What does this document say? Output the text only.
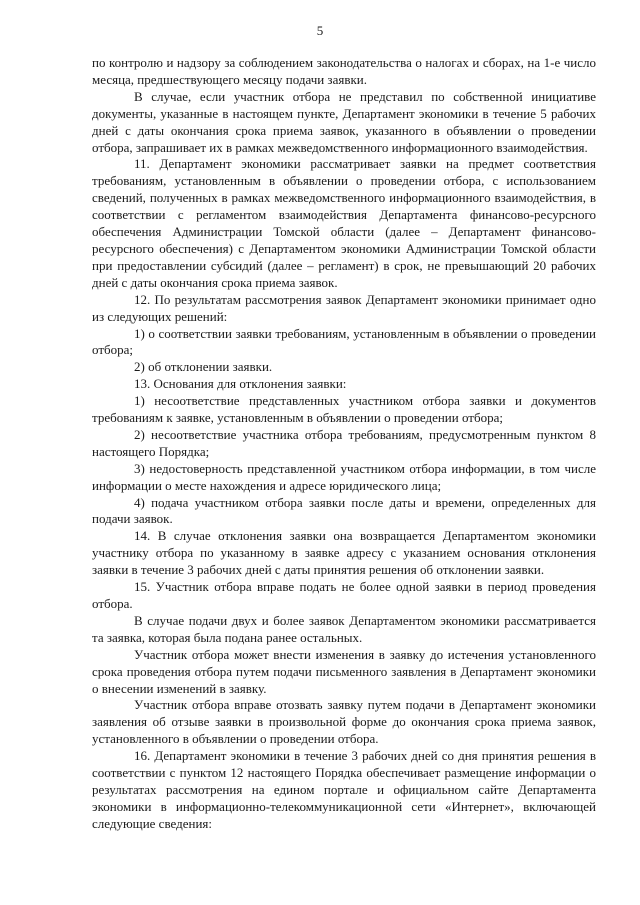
5

по контролю и надзору за соблюдением законодательства о налогах и сборах, на 1-е число месяца, предшествующего месяцу подачи заявки.

В случае, если участник отбора не представил по собственной инициативе документы, указанные в настоящем пункте, Департамент экономики в течение 5 рабочих дней с даты окончания срока приема заявок, указанного в объявлении о проведении отбора, запрашивает их в рамках межведомственного информационного взаимодействия.

11. Департамент экономики рассматривает заявки на предмет соответствия требованиям, установленным в объявлении о проведении отбора, с использованием сведений, полученных в рамках межведомственного информационного взаимодействия, в соответствии с регламентом взаимодействия Департамента финансово-ресурсного обеспечения Администрации Томской области (далее – Департамент финансово-ресурсного обеспечения) с Департаментом экономики Администрации Томской области при предоставлении субсидий (далее – регламент) в срок, не превышающий 20 рабочих дней с даты окончания срока приема заявок.

12. По результатам рассмотрения заявок Департамент экономики принимает одно из следующих решений:

1) о соответствии заявки требованиям, установленным в объявлении о проведении отбора;

2) об отклонении заявки.

13. Основания для отклонения заявки:

1) несоответствие представленных участником отбора заявки и документов требованиям к заявке, установленным в объявлении о проведении отбора;

2) несоответствие участника отбора требованиям, предусмотренным пунктом 8 настоящего Порядка;

3) недостоверность представленной участником отбора информации, в том числе информации о месте нахождения и адресе юридического лица;

4) подача участником отбора заявки после даты и времени, определенных для подачи заявок.

14. В случае отклонения заявки она возвращается Департаментом экономики участнику отбора по указанному в заявке адресу с указанием основания отклонения заявки в течение 3 рабочих дней с даты принятия решения об отклонении заявки.

15. Участник отбора вправе подать не более одной заявки в период проведения отбора.

В случае подачи двух и более заявок Департаментом экономики рассматривается та заявка, которая была подана ранее остальных.

Участник отбора может внести изменения в заявку до истечения установленного срока проведения отбора путем подачи письменного заявления в Департамент экономики о внесении изменений в заявку.

Участник отбора вправе отозвать заявку путем подачи в Департамент экономики заявления об отзыве заявки в произвольной форме до окончания срока приема заявок, установленного в объявлении о проведении отбора.

16. Департамент экономики в течение 3 рабочих дней со дня принятия решения в соответствии с пунктом 12 настоящего Порядка обеспечивает размещение информации о результатах рассмотрения на едином портале и официальном сайте Департамента экономики в информационно-телекоммуникационной сети «Интернет», включающей следующие сведения:
